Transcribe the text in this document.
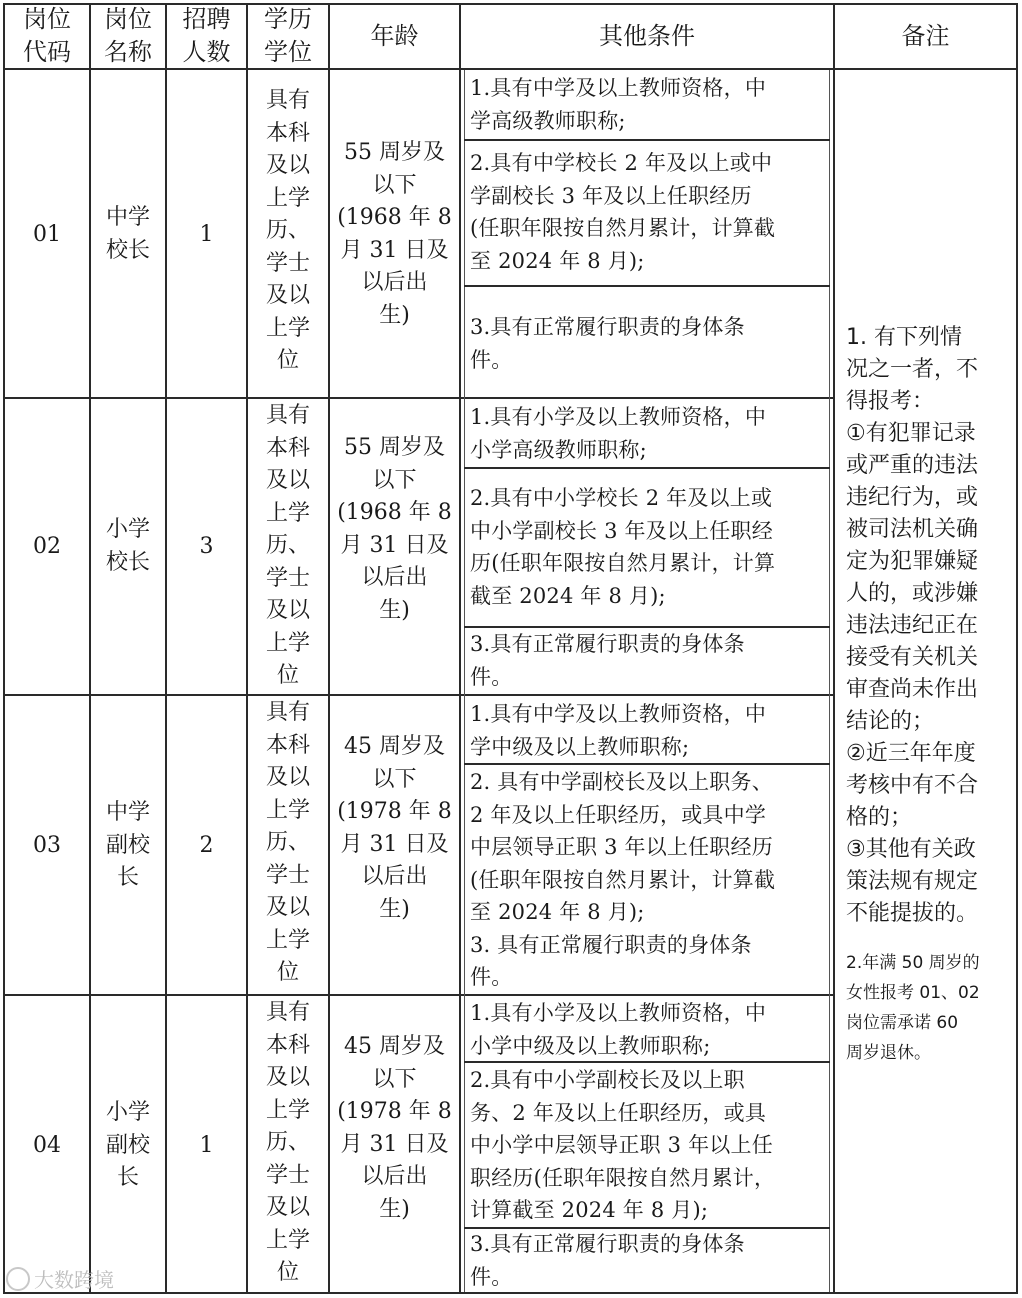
岗位
代码
岗位
名称
招聘
人数
学历
学位
年龄	其他条件	备注
01
中学
校长
1
具有
本科
及以
上学
历、
学士
及以
上学
位
55 周岁及
以下
(1968 年 8
月 31 日及
以后出
生)
1.具有中学及以上教师资格，中
学高级教师职称;
2.具有中学校长 2 年及以上或中
学副校长 3 年及以上任职经历
(任职年限按自然月累计，计算截
至 2024 年 8 月);
3.具有正常履行职责的身体条
件。
02
小学
校长
3
具有
本科
及以
上学
历、
学士
及以
上学
位
55 周岁及
以下
(1968 年 8
月 31 日及
以后出
生)
1.具有小学及以上教师资格，中
小学高级教师职称;
2.具有中小学校长 2 年及以上或
中小学副校长 3 年及以上任职经
历(任职年限按自然月累计，计算
截至 2024 年 8 月);
3.具有正常履行职责的身体条
件。
03
中学
副校
长
2
具有
本科
及以
上学
历、
学士
及以
上学
位
45 周岁及
以下
(1978 年 8
月 31 日及
以后出
生)
1.具有中学及以上教师资格，中
学中级及以上教师职称;
2. 具有中学副校长及以上职务、
2 年及以上任职经历，或具中学
中层领导正职 3 年以上任职经历
(任职年限按自然月累计，计算截
至 2024 年 8 月);
3. 具有正常履行职责的身体条
件。
04
小学
副校
长
1
具有
本科
及以
上学
历、
学士
及以
上学
位
45 周岁及
以下
(1978 年 8
月 31 日及
以后出
生)
1.具有小学及以上教师资格，中
小学中级及以上教师职称;
2.具有中小学副校长及以上职
务、2 年及以上任职经历，或具
中小学中层领导正职 3 年以上任
职经历(任职年限按自然月累计，
计算截至 2024 年 8 月);
3.具有正常履行职责的身体条
件。
1. 有下列情
况之一者，不
得报考：
①有犯罪记录
或严重的违法
违纪行为，或
被司法机关确
定为犯罪嫌疑
人的，或涉嫌
违法违纪正在
接受有关机关
审查尚未作出
结论的；
②近三年年度
考核中有不合
格的；
③其他有关政
策法规有规定
不能提拔的。
2.年满 50 周岁的
女性报考 01、02
岗位需承诺 60
周岁退休。
大数跨境
